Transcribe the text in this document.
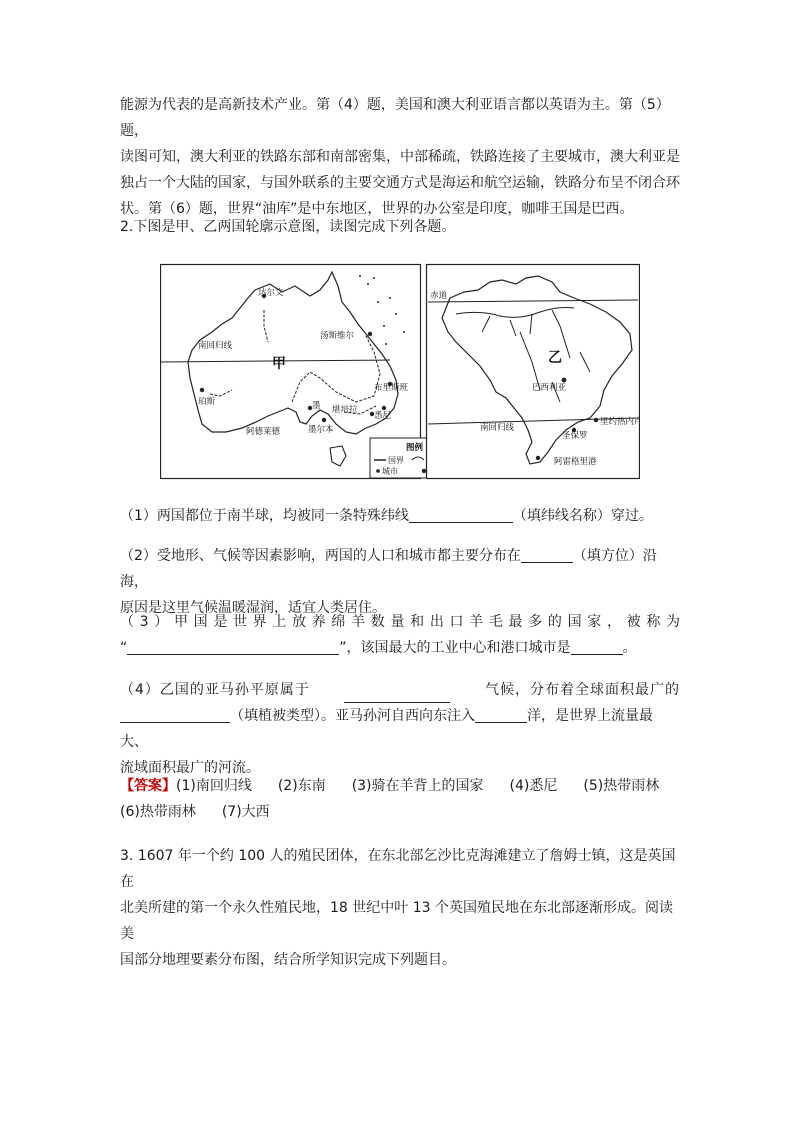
能源为代表的是高新技术产业。第（4）题，美国和澳大利亚语言都以英语为主。第（5）题，
读图可知，澳大利亚的铁路东部和南部密集，中部稀疏，铁路连接了主要城市，澳大利亚是
独占一个大陆的国家，与国外联系的主要交通方式是海运和航空运输，铁路分布呈不闭合环
状。第（6）题，世界“油库”是中东地区，世界的办公室是印度，咖啡王国是巴西。
2.下图是甲、乙两国轮廓示意图，读图完成下列各题。
达尔文
汤斯维尔
南回归线
珀斯
布里斯班
阿德莱德	墨尔本
堪培拉
悉尼
墨
甲
图例
国界
城市
赤道
巴西利亚
南回归线
里约热内卢
圣保罗
阿雷格里港
乙
（1）两国都位于南半球，均被同一条特殊纬线	（填纬线名称）穿过。
（2）受地形、气候等因素影响，两国的人口和城市都主要分布在	（填方位）沿海，
原因是这里气候温暖湿润，适宜人类居住。
（3）甲国是世界上放养绵羊数量和出口羊毛最多的国家，被称为
“	”，该国最大的工业中心和港口城市是	。
（4）乙国的亚马孙平原属于	气候，分布着全球面积最广的
（填植被类型）。亚马孙河自西向东注入	洋，是世界上流量最大、
流域面积最广的河流。
【答案】(1)南回归线 (2)东南 (3)骑在羊背上的国家 (4)悉尼 (5)热带雨林
(6)热带雨林 (7)大西
3. 1607 年一个约 100 人的殖民团体，在东北部乞沙比克海滩建立了詹姆士镇，这是英国在
北美所建的第一个永久性殖民地，18 世纪中叶 13 个英国殖民地在东北部逐渐形成。阅读美
国部分地理要素分布图，结合所学知识完成下列题目。
